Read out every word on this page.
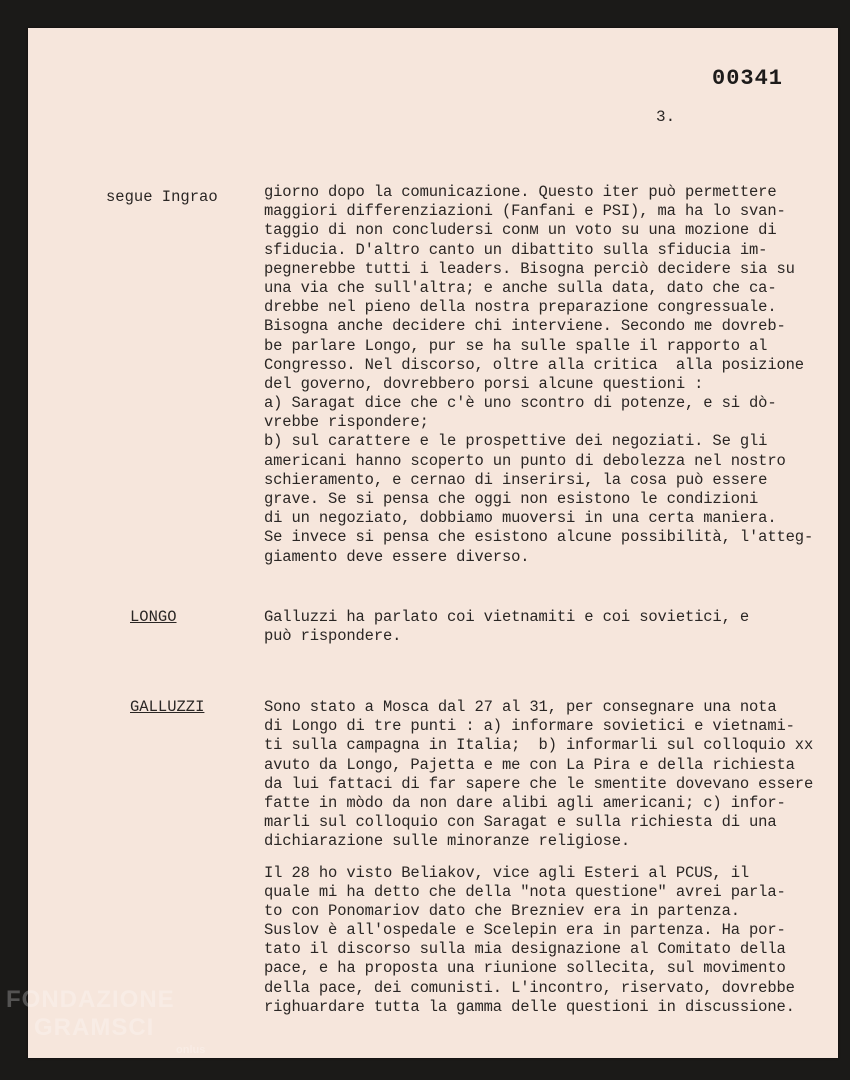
00341
3.
segue Ingrao	giorno dopo la comunicazione. Questo iter può permettere
maggiori differenziazioni (Fanfani e PSI), ma ha lo svan-
taggio di non concludersi conм un voto su una mozione di
sfiducia. D'altro canto un dibattito sulla sfiducia im-
pegnerebbe tutti i leaders. Bisogna perciò decidere sia su
una via che sull'altra; e anche sulla data, dato che ca-
drebbe nel pieno della nostra preparazione congressuale.
Bisogna anche decidere chi interviene. Secondo me dovreb-
be parlare Longo, pur se ha sulle spalle il rapporto al
Congresso. Nel discorso, oltre alla critica  alla posizione
del governo, dovrebbero porsi alcune questioni :
a) Saragat dice che c'è uno scontro di potenze, e si dò-
vrebbe rispondere;
b) sul carattere e le prospettive dei negoziati. Se gli
americani hanno scoperto un punto di debolezza nel nostro
schieramento, e cernao di inserirsi, la cosa può essere
grave. Se si pensa che oggi non esistono le condizioni
di un negoziato, dobbiamo muoversi in una certa maniera.
Se invece si pensa che esistono alcune possibilità, l'atteg-
giamento deve essere diverso.
LONGO	Galluzzi ha parlato coi vietnamiti e coi sovietici, e
può rispondere.
GALLUZZI	Sono stato a Mosca dal 27 al 31, per consegnare una nota
di Longo di tre punti : a) informare sovietici e vietnami-
ti sulla campagna in Italia;  b) informarli sul colloquio xx
avuto da Longo, Pajetta e me con La Pira e della richiesta
da lui fattaci di far sapere che le smentite dovevano essere
fatte in mòdo da non dare alibi agli americani; c) infor-
marli sul colloquio con Saragat e sulla richiesta di una
dichiarazione sulle minoranze religiose.
Il 28 ho visto Beliakov, vice agli Esteri al PCUS, il
quale mi ha detto che della "nota questione" avrei parla-
to con Ponomariov dato che Brezniev era in partenza.
Suslov è all'ospedale e Scelepin era in partenza. Ha por-
tato il discorso sulla mia designazione al Comitato della
pace, e ha proposta una riunione sollecita, sul movimento
della pace, dei comunisti. L'incontro, riservato, dovrebbe
righuardare tutta la gamma delle questioni in discussione.
FONDAZIONE
GRAMSCI
onlus
